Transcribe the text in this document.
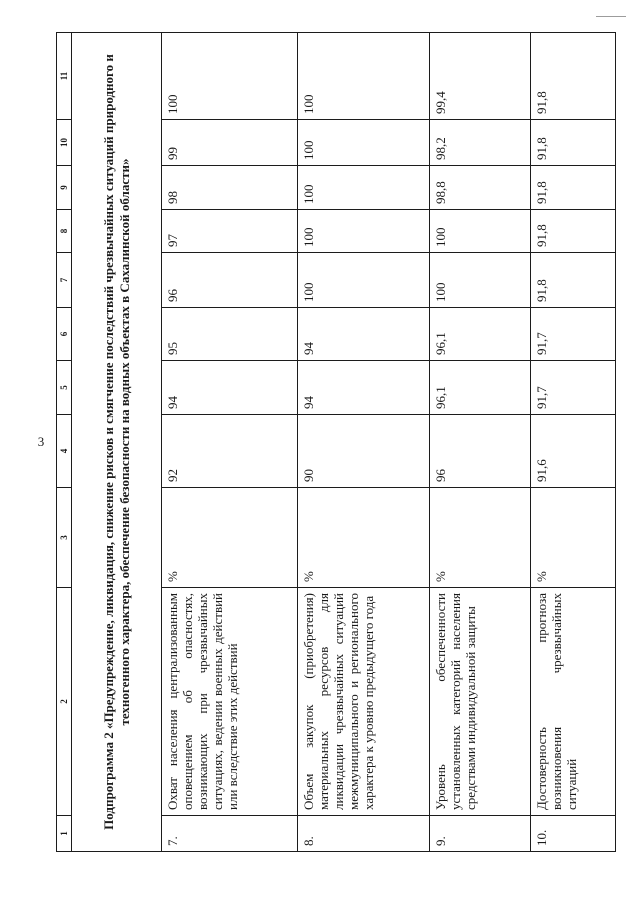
3
1	2	3	4	5	6	7	8	9	10	11
Подпрограмма 2 «Предупреждение, ликвидация, снижение рисков и смягчение последствий чрезвычайных ситуаций природного и техногенного характера, обеспечение безопасности на водных объектах в Сахалинской области»										
7.	Охват населения централизованным оповещением об опасностях, возникающих при чрезвычайных ситуациях, ведении военных действий или вследствие этих действий	%	92	94	95	96	97	98	99	100
8.	Объем закупок (приобретения) материальных ресурсов для ликвидации чрезвычайных ситуаций межмуниципального и регионального характера к уровню предыдущего года	%	90	94	94	100	100	100	100	100
9.	Уровень обеспеченности установленных категорий населения средствами индивидуальной защиты	%	96	96,1	96,1	100	100	98,8	98,2	99,4
10.	Достоверность прогноза возникновения чрезвычайных ситуаций	%	91,6	91,7	91,7	91,8	91,8	91,8	91,8	91,8
